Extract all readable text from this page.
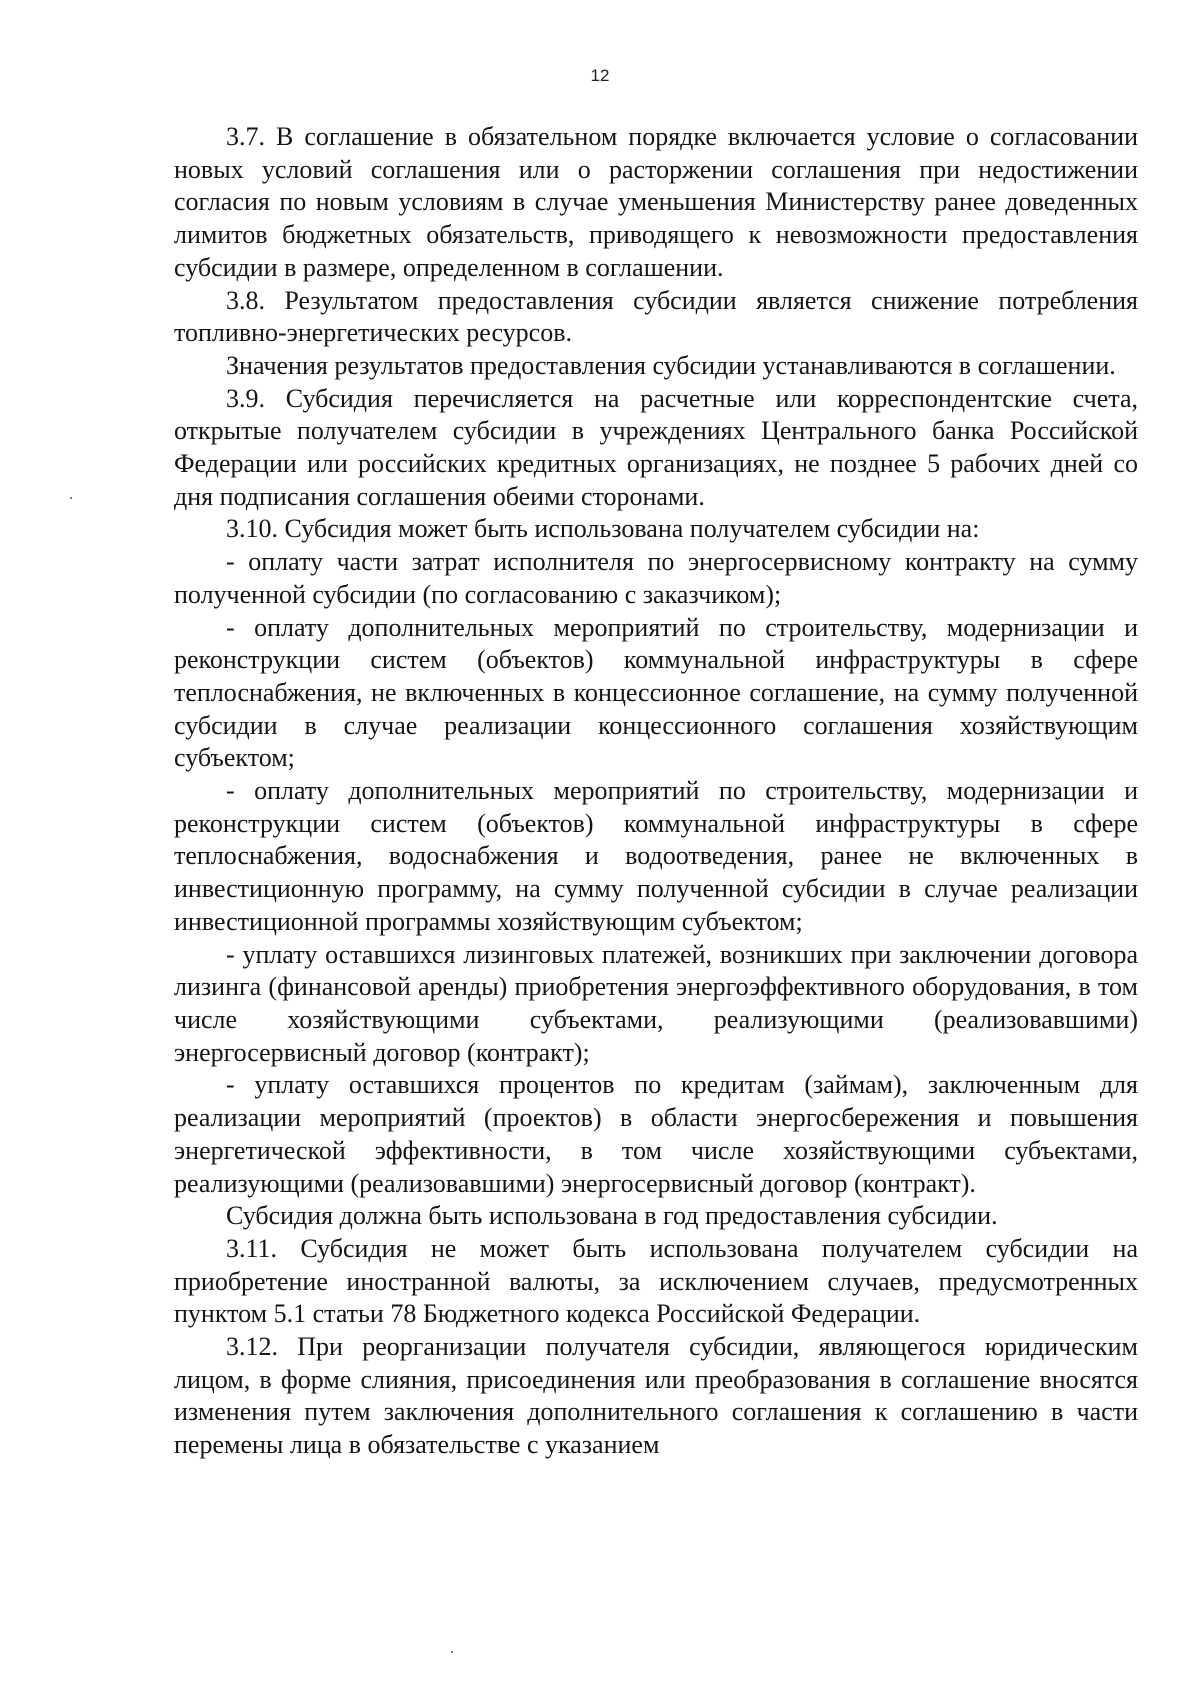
12

3.7. В соглашение в обязательном порядке включается условие о согласовании новых условий соглашения или о расторжении соглашения при недостижении согласия по новым условиям в случае уменьшения Министерству ранее доведенных лимитов бюджетных обязательств, приводящего к невозможности предоставления субсидии в размере, определенном в соглашении.

3.8. Результатом предоставления субсидии является снижение потребления топливно-энергетических ресурсов.

Значения результатов предоставления субсидии устанавливаются в соглашении.

3.9. Субсидия перечисляется на расчетные или корреспондентские счета, открытые получателем субсидии в учреждениях Центрального банка Российской Федерации или российских кредитных организациях, не позднее 5 рабочих дней со дня подписания соглашения обеими сторонами.

3.10. Субсидия может быть использована получателем субсидии на:

- оплату части затрат исполнителя по энергосервисному контракту на сумму полученной субсидии (по согласованию с заказчиком);

- оплату дополнительных мероприятий по строительству, модернизации и реконструкции систем (объектов) коммунальной инфраструктуры в сфере теплоснабжения, не включенных в концессионное соглашение, на сумму полученной субсидии в случае реализации концессионного соглашения хозяйствующим субъектом;

- оплату дополнительных мероприятий по строительству, модернизации и реконструкции систем (объектов) коммунальной инфраструктуры в сфере теплоснабжения, водоснабжения и водоотведения, ранее не включенных в инвестиционную программу, на сумму полученной субсидии в случае реализации инвестиционной программы хозяйствующим субъектом;

- уплату оставшихся лизинговых платежей, возникших при заключении договора лизинга (финансовой аренды) приобретения энергоэффективного оборудования, в том числе хозяйствующими субъектами, реализующими (реализовавшими) энергосервисный договор (контракт);

- уплату оставшихся процентов по кредитам (займам), заключенным для реализации мероприятий (проектов) в области энергосбережения и повышения энергетической эффективности, в том числе хозяйствующими субъектами, реализующими (реализовавшими) энергосервисный договор (контракт).

Субсидия должна быть использована в год предоставления субсидии.

3.11. Субсидия не может быть использована получателем субсидии на приобретение иностранной валюты, за исключением случаев, предусмотренных пунктом 5.1 статьи 78 Бюджетного кодекса Российской Федерации.

3.12. При реорганизации получателя субсидии, являющегося юридическим лицом, в форме слияния, присоединения или преобразования в соглашение вносятся изменения путем заключения дополнительного соглашения к соглашению в части перемены лица в обязательстве с указанием
